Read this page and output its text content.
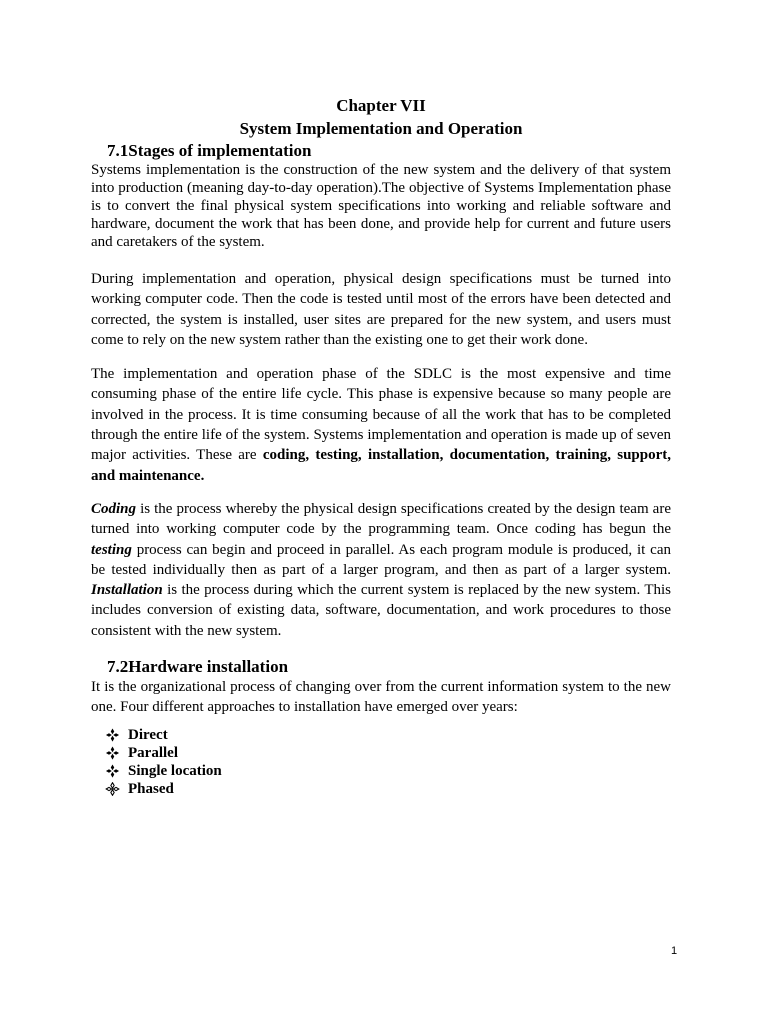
Chapter VII
System Implementation and Operation
7.1Stages of implementation

Systems implementation is the construction of the new system and the delivery of that system into production (meaning day-to-day operation).The objective of Systems Implementation phase is to convert the final physical system specifications into working and reliable software and hardware, document the work that has been done, and provide help for current and future users and caretakers of the system.

During implementation and operation, physical design specifications must be turned into working computer code. Then the code is tested until most of the errors have been detected and corrected, the system is installed, user sites are prepared for the new system, and users must come to rely on the new system rather than the existing one to get their work done.

The implementation and operation phase of the SDLC is the most expensive and time consuming phase of the entire life cycle. This phase is expensive because so many people are involved in the process. It is time consuming because of all the work that has to be completed through the entire life of the system. Systems implementation and operation is made up of seven major activities. These are coding, testing, installation, documentation, training, support, and maintenance.

Coding is the process whereby the physical design specifications created by the design team are turned into working computer code by the programming team. Once coding has begun the testing process can begin and proceed in parallel. As each program module is produced, it can be tested individually then as part of a larger program, and then as part of a larger system. Installation is the process during which the current system is replaced by the new system. This includes conversion of existing data, software, documentation, and work procedures to those consistent with the new system.

7.2Hardware installation

It is the organizational process of changing over from the current information system to the new one. Four different approaches to installation have emerged over years:

Direct
Parallel
Single location
Phased
1
